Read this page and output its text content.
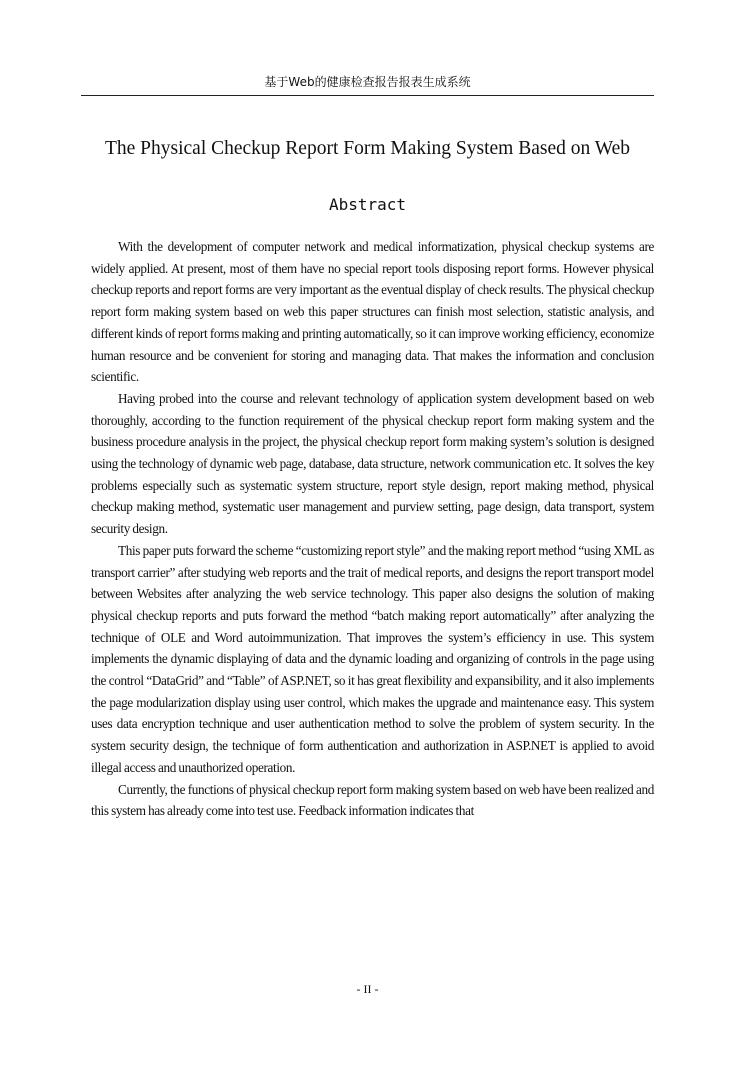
基于Web的健康检查报告报表生成系统
The Physical Checkup Report Form Making System Based on Web
Abstract

With the development of computer network and medical informatization, physical checkup systems are widely applied. At present, most of them have no special report tools disposing report forms. However physical checkup reports and report forms are very important as the eventual display of check results. The physical checkup report form making system based on web this paper structures can finish most selection, statistic analysis, and different kinds of report forms making and printing automatically, so it can improve working efficiency, economize human resource and be convenient for storing and managing data. That makes the information and conclusion scientific.

Having probed into the course and relevant technology of application system development based on web thoroughly, according to the function requirement of the physical checkup report form making system and the business procedure analysis in the project, the physical checkup report form making system’s solution is designed using the technology of dynamic web page, database, data structure, network communication etc. It solves the key problems especially such as systematic system structure, report style design, report making method, physical checkup making method, systematic user management and purview setting, page design, data transport, system security design.

This paper puts forward the scheme “customizing report style” and the making report method “using XML as transport carrier” after studying web reports and the trait of medical reports, and designs the report transport model between Websites after analyzing the web service technology. This paper also designs the solution of making physical checkup reports and puts forward the method “batch making report automatically” after analyzing the technique of OLE and Word autoimmunization. That improves the system’s efficiency in use. This system implements the dynamic displaying of data and the dynamic loading and organizing of controls in the page using the control “DataGrid” and “Table” of ASP.NET, so it has great flexibility and expansibility, and it also implements the page modularization display using user control, which makes the upgrade and maintenance easy. This system uses data encryption technique and user authentication method to solve the problem of system security. In the system security design, the technique of form authentication and authorization in ASP.NET is applied to avoid illegal access and unauthorized operation.

Currently, the functions of physical checkup report form making system based on web have been realized and this system has already come into test use. Feedback information indicates that

- II -
